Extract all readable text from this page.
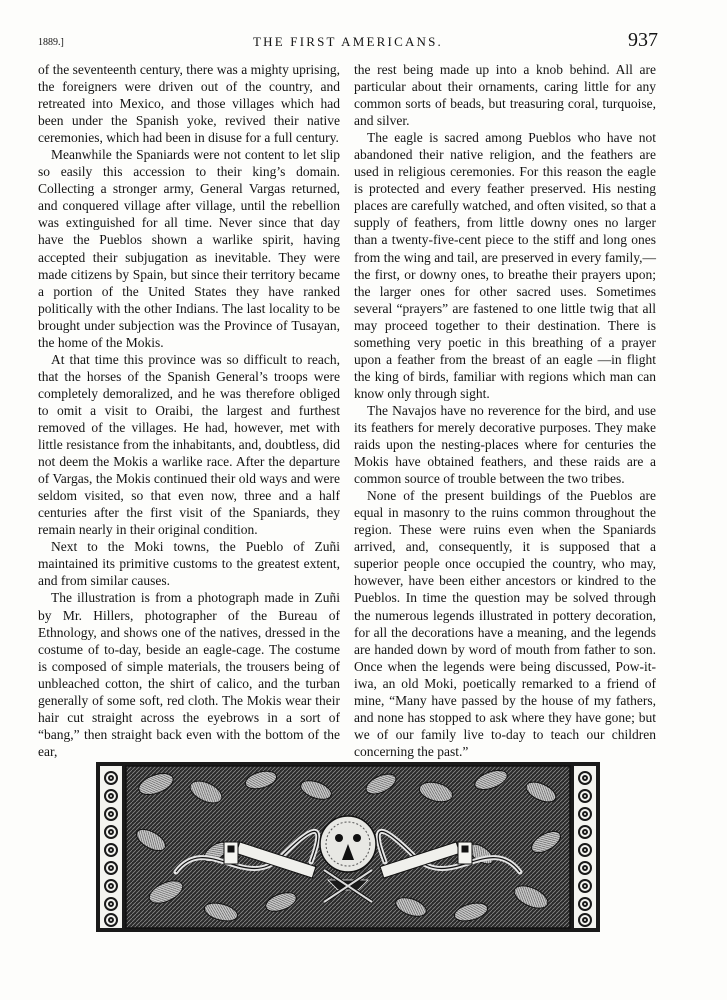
1889.]	THE FIRST AMERICANS.	937

of the seventeenth century, there was a mighty uprising, the foreigners were driven out of the country, and retreated into Mexico, and those villages which had been under the Spanish yoke, revived their native ceremonies, which had been in disuse for a full century.

Meanwhile the Spaniards were not content to let slip so easily this accession to their king’s domain. Collecting a stronger army, General Vargas returned, and conquered village after village, until the rebellion was extinguished for all time. Never since that day have the Pueblos shown a warlike spirit, having accepted their subjugation as inevitable. They were made citizens by Spain, but since their territory became a portion of the United States they have ranked politically with the other Indians. The last locality to be brought under subjection was the Province of Tusayan, the home of the Mokis.

At that time this province was so difficult to reach, that the horses of the Spanish General’s troops were completely demoralized, and he was therefore obliged to omit a visit to Oraibi, the largest and furthest removed of the villages. He had, however, met with little resistance from the inhabitants, and, doubtless, did not deem the Mokis a warlike race. After the departure of Vargas, the Mokis continued their old ways and were seldom visited, so that even now, three and a half centuries after the first visit of the Spaniards, they remain nearly in their original condition.

Next to the Moki towns, the Pueblo of Zuñi maintained its primitive customs to the greatest extent, and from similar causes.

The illustration is from a photograph made in Zuñi by Mr. Hillers, photographer of the Bureau of Ethnology, and shows one of the natives, dressed in the costume of to-day, beside an eagle-cage. The costume is composed of simple materials, the trousers being of unbleached cotton, the shirt of calico, and the turban generally of some soft, red cloth. The Mokis wear their hair cut straight across the eyebrows in a sort of “bang,” then straight back even with the bottom of the ear,

the rest being made up into a knob behind. All are particular about their ornaments, caring little for any common sorts of beads, but treasuring coral, turquoise, and silver.

The eagle is sacred among Pueblos who have not abandoned their native religion, and the feathers are used in religious ceremonies. For this reason the eagle is protected and every feather preserved. His nesting places are carefully watched, and often visited, so that a supply of feathers, from little downy ones no larger than a twenty-five-cent piece to the stiff and long ones from the wing and tail, are preserved in every family,—the first, or downy ones, to breathe their prayers upon; the larger ones for other sacred uses. Sometimes several “prayers” are fastened to one little twig that all may proceed together to their destination. There is something very poetic in this breathing of a prayer upon a feather from the breast of an eagle —in flight the king of birds, familiar with regions which man can know only through sight.

The Navajos have no reverence for the bird, and use its feathers for merely decorative purposes. They make raids upon the nesting-places where for centuries the Mokis have obtained feathers, and these raids are a common source of trouble between the two tribes.

None of the present buildings of the Pueblos are equal in masonry to the ruins common throughout the region. These were ruins even when the Spaniards arrived, and, consequently, it is supposed that a superior people once occupied the country, who may, however, have been either ancestors or kindred to the Pueblos. In time the question may be solved through the numerous legends illustrated in pottery decoration, for all the decorations have a meaning, and the legends are handed down by word of mouth from father to son. Once when the legends were being discussed, Pow-it-iwa, an old Moki, poetically remarked to a friend of mine, “Many have passed by the house of my fathers, and none has stopped to ask where they have gone; but we of our family live to-day to teach our children concerning the past.”
